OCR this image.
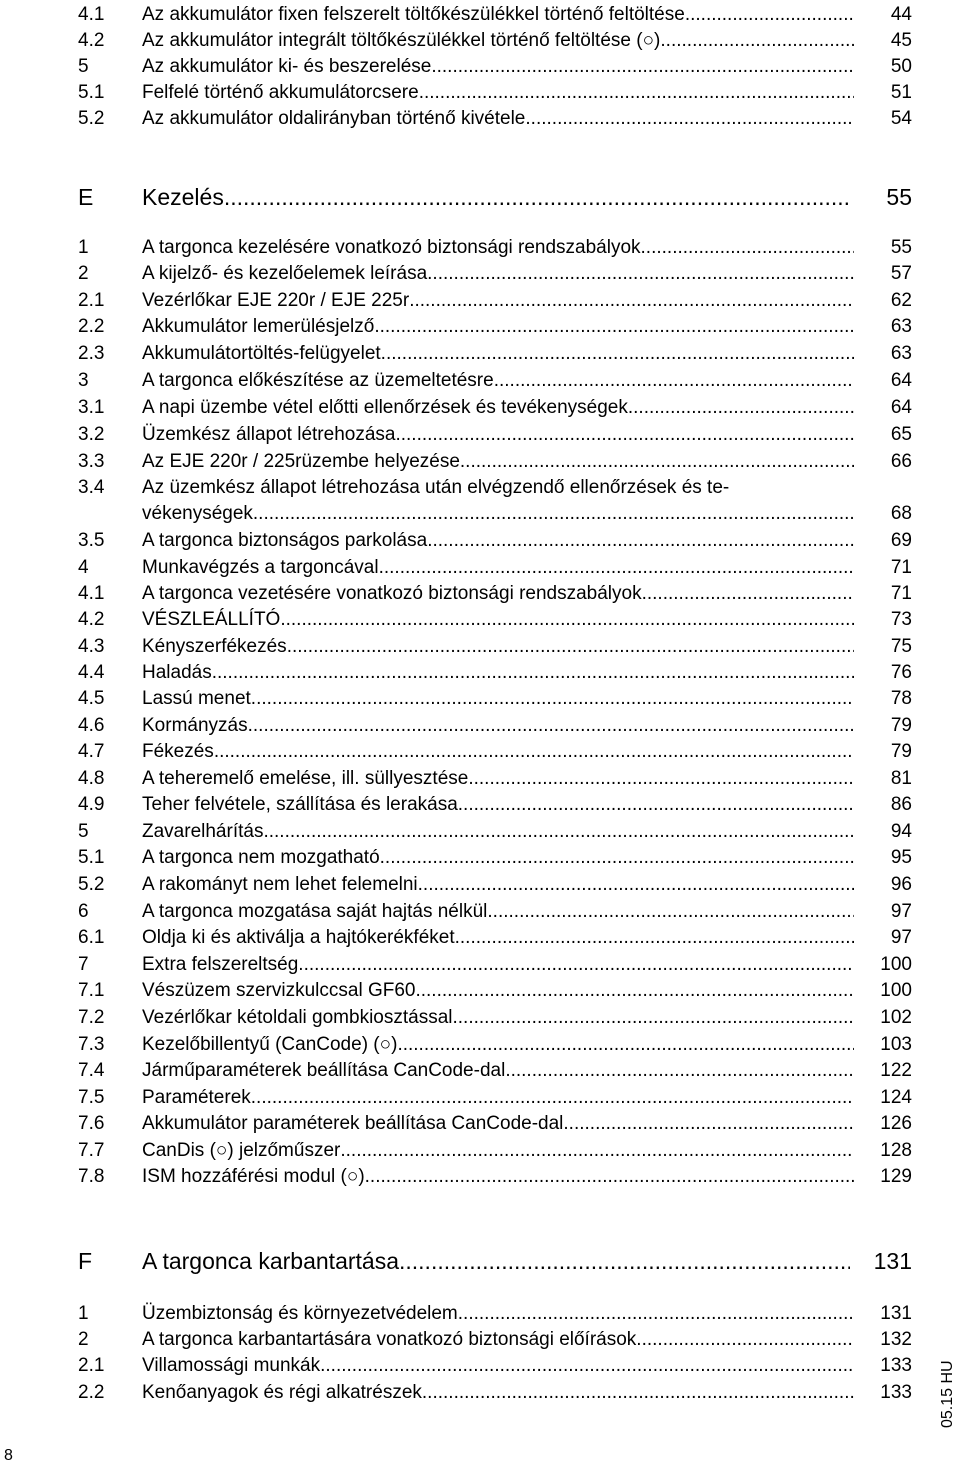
4.1	Az akkumulátor fixen felszerelt töltőkészülékkel történő feltöltése .....	44
4.2	Az akkumulátor integrált töltőkészülékkel történő feltöltése (○) .....	45
5	Az akkumulátor ki- és beszerelése .....	50
5.1	Felfelé történő akkumulátorcsere .....	51
5.2	Az akkumulátor oldalirányban történő kivétele .....	54
E	Kezelés .....	55
1	A targonca kezelésére vonatkozó biztonsági rendszabályok .....	55
2	A kijelző- és kezelőelemek leírása .....	57
2.1	Vezérlőkar EJE 220r / EJE 225r .....	62
2.2	Akkumulátor lemerülésjelző .....	63
2.3	Akkumulátortöltés-felügyelet .....	63
3	A targonca előkészítése az üzemeltetésre .....	64
3.1	A napi üzembe vétel előtti ellenőrzések és tevékenységek .....	64
3.2	Üzemkész állapot létrehozása .....	65
3.3	Az EJE 220r / 225rüzembe helyezése .....	66
3.4	Az üzemkész állapot létrehozása után elvégzendő ellenőrzések és te-
vékenységek .....	68
3.5	A targonca biztonságos parkolása .....	69
4	Munkavégzés a targoncával .....	71
4.1	A targonca vezetésére vonatkozó biztonsági rendszabályok .....	71
4.2	VÉSZLEÁLLÍTÓ .....	73
4.3	Kényszerfékezés .....	75
4.4	Haladás .....	76
4.5	Lassú menet .....	78
4.6	Kormányzás .....	79
4.7	Fékezés .....	79
4.8	A teheremelő emelése, ill. süllyesztése .....	81
4.9	Teher felvétele, szállítása és lerakása .....	86
5	Zavarelhárítás .....	94
5.1	A targonca nem mozgatható .....	95
5.2	A rakományt nem lehet felemelni .....	96
6	A targonca mozgatása saját hajtás nélkül .....	97
6.1	Oldja ki és aktiválja a hajtókerékféket .....	97
7	Extra felszereltség .....	100
7.1	Vészüzem szervizkulccsal GF60 .....	100
7.2	Vezérlőkar kétoldali gombkiosztással .....	102
7.3	Kezelőbillentyű (CanCode) (○) .....	103
7.4	Járműparaméterek beállítása CanCode-dal .....	122
7.5	Paraméterek .....	124
7.6	Akkumulátor paraméterek beállítása CanCode-dal .....	126
7.7	CanDis (○) jelzőműszer .....	128
7.8	ISM hozzáférési modul (○) .....	129
F	A targonca karbantartása .....	131
1	Üzembiztonság és környezetvédelem .....	131
2	A targonca karbantartására vonatkozó biztonsági előírások .....	132
2.1	Villamossági munkák .....	133
2.2	Kenőanyagok és régi alkatrészek .....	133
8
05.15 HU
